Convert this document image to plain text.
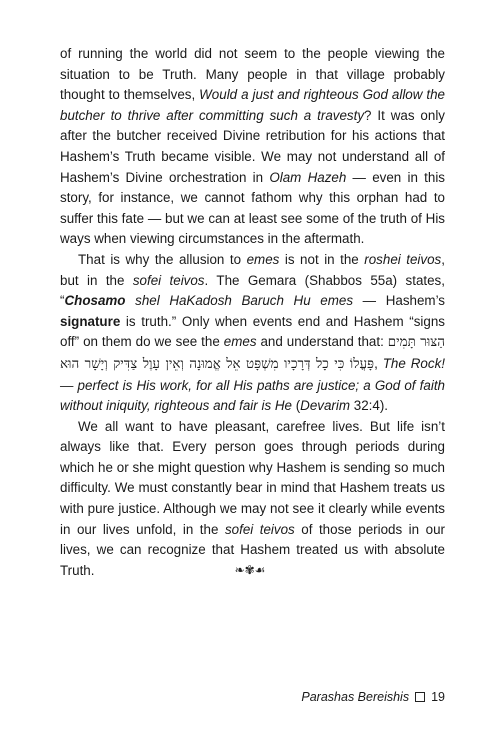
of running the world did not seem to the people viewing the situation to be Truth. Many people in that village probably thought to themselves, Would a just and righteous God allow the butcher to thrive after committing such a travesty? It was only after the butcher received Divine retribution for his actions that Hashem’s Truth became visible. We may not understand all of Hashem’s Divine orchestration in Olam Hazeh — even in this story, for instance, we cannot fathom why this orphan had to suffer this fate — but we can at least see some of the truth of His ways when viewing circumstances in the aftermath.

That is why the allusion to emes is not in the roshei teivos, but in the sofei teivos. The Gemara (Shabbos 55a) states, “Chosamo shel HaKadosh Baruch Hu emes — Hashem’s signature is truth.” Only when events end and Hashem “signs off” on them do we see the emes and understand that: הַצּוּר תָּמִים פָּעֳלוֹ כִּי כָל דְּרָכָיו מִשְׁפָּט אֵל אֱמוּנָה וְאֵין עָוֶל צַדִּיק וְיָשָׁר הוּא, The Rock! — perfect is His work, for all His paths are justice; a God of faith without iniquity, righteous and fair is He (Devarim 32:4).

We all want to have pleasant, carefree lives. But life isn’t always like that. Every person goes through periods during which he or she might question why Hashem is sending so much difficulty. We must constantly bear in mind that Hashem treats us with pure justice. Although we may not see it clearly while events in our lives unfold, in the sofei teivos of those periods in our lives, we can recognize that Hashem treated us with absolute Truth.	❧✾☙
Parashas Bereishis 19
